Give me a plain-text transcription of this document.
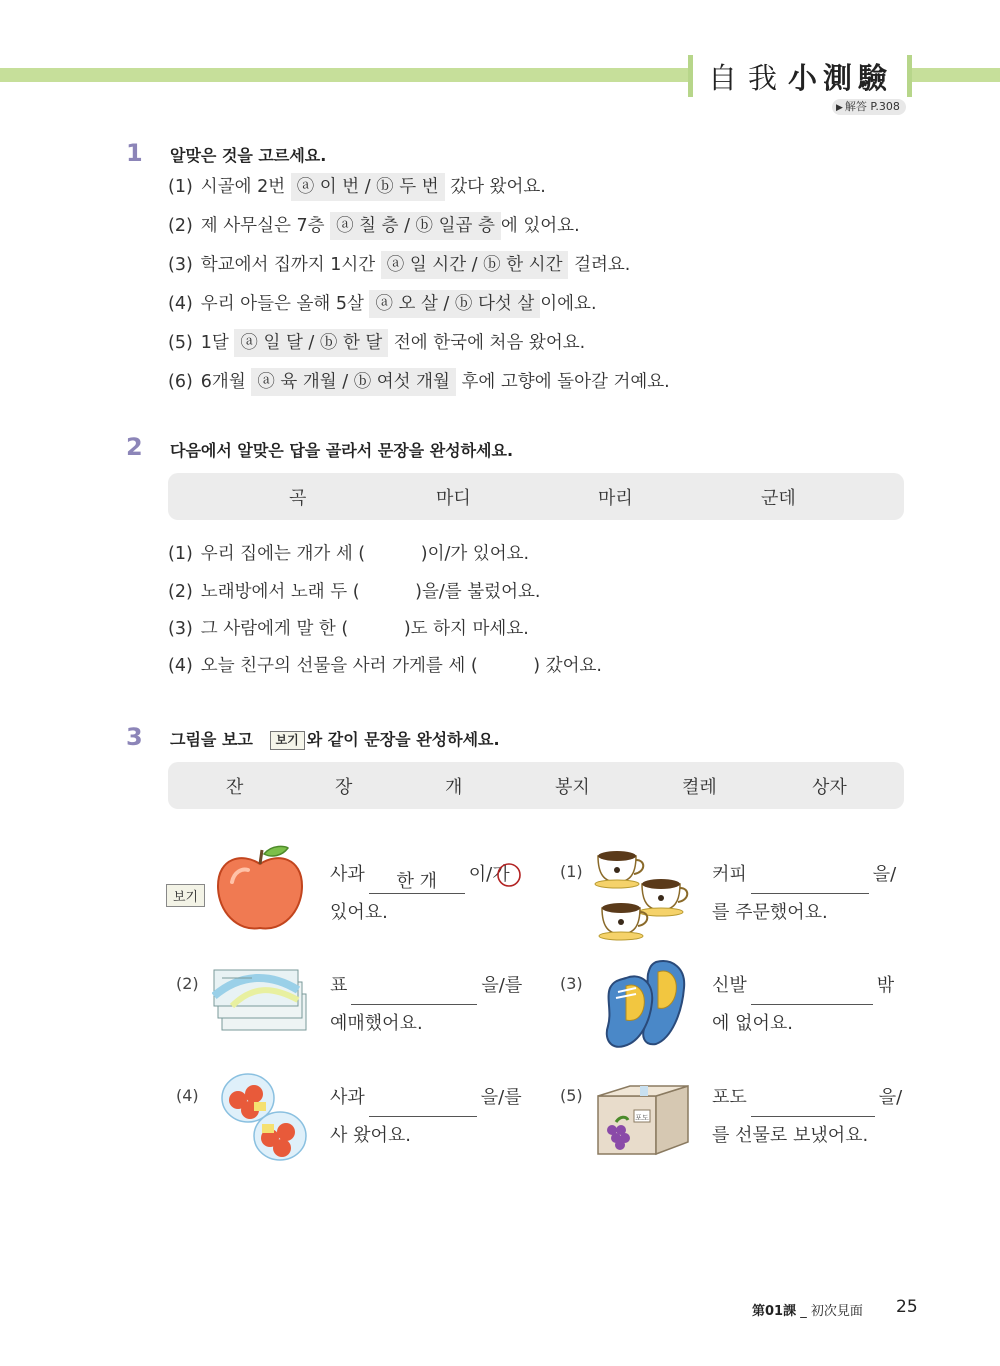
自我小測驗
▶ 解答 P.308
1 알맞은 것을 고르세요.
(1) 시골에 2번 ⓐ 이 번 / ⓑ 두 번 갔다 왔어요.
(2) 제 사무실은 7층 ⓐ 칠 층 / ⓑ 일곱 층 에 있어요.
(3) 학교에서 집까지 1시간 ⓐ 일 시간 / ⓑ 한 시간 걸려요.
(4) 우리 아들은 올해 5살 ⓐ 오 살 / ⓑ 다섯 살 이에요.
(5) 1달 ⓐ 일 달 / ⓑ 한 달 전에 한국에 처음 왔어요.
(6) 6개월 ⓐ 육 개월 / ⓑ 여섯 개월 후에 고향에 돌아갈 거예요.
2 다음에서 알맞은 답을 골라서 문장을 완성하세요.
곡	마디	마리	군데
(1) 우리 집에는 개가 세 (          )이/가 있어요.
(2) 노래방에서 노래 두 (          )을/를 불렀어요.
(3) 그 사람에게 말 한 (          )도 하지 마세요.
(4) 오늘 친구의 선물을 사러 가게를 세 (          ) 갔어요.
3 그림을 보고 보기 와 같이 문장을 완성하세요.
잔	장	개	봉지	켤레	상자
보기
사과 한 개 이/가
있어요.
(1)	커피	을/
를 주문했어요.
(2)	표	을/를
예매했어요.
(3)	신발	밖
에 없어요.
(4)	사과	을/를
사 왔어요.
(5)
포도
포도	을/
를 선물로 보냈어요.
第01課 _ 初次見面 25
